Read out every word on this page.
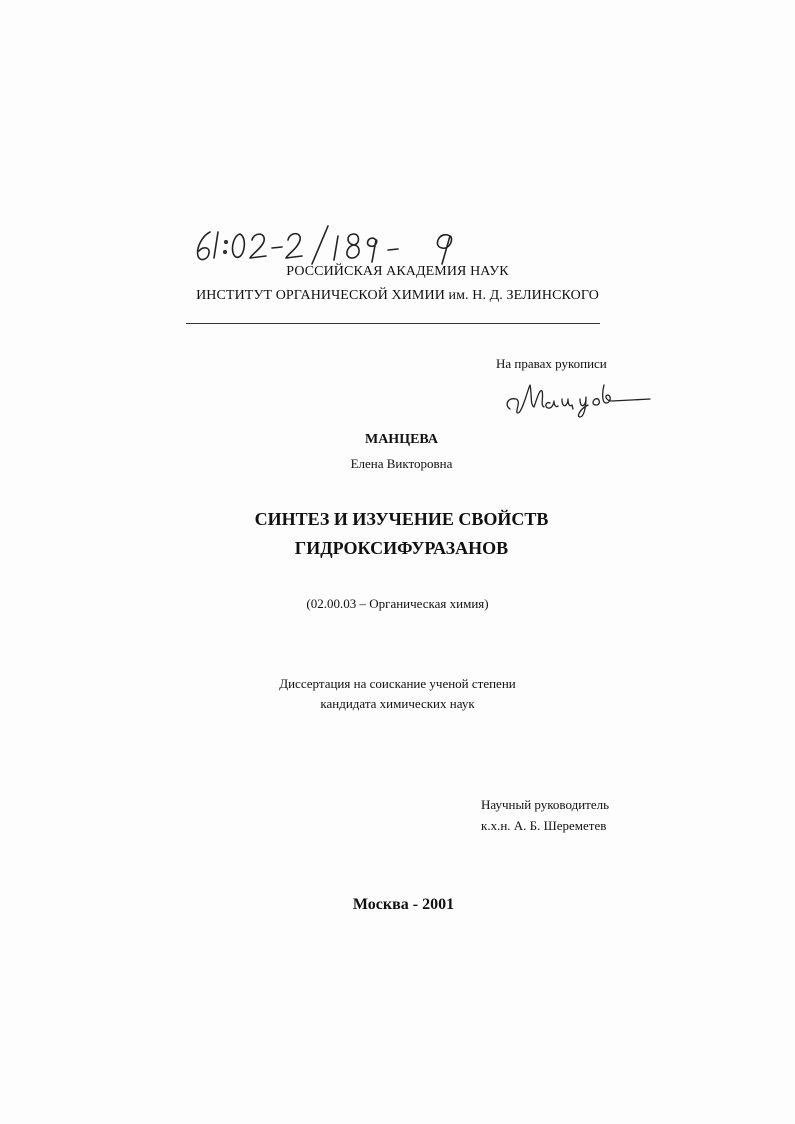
РОССИЙСКАЯ АКАДЕМИЯ НАУК
ИНСТИТУТ ОРГАНИЧЕСКОЙ ХИМИИ им. Н. Д. ЗЕЛИНСКОГО
На правах рукописи
МАНЦЕВА
Елена Викторовна
СИНТЕЗ И ИЗУЧЕНИЕ СВОЙСТВ
ГИДРОКСИФУРАЗАНОВ
(02.00.03 – Органическая химия)
Диссертация на соискание ученой степени
кандидата химических наук
Научный руководитель
к.х.н. А. Б. Шереметев
Москва - 2001
